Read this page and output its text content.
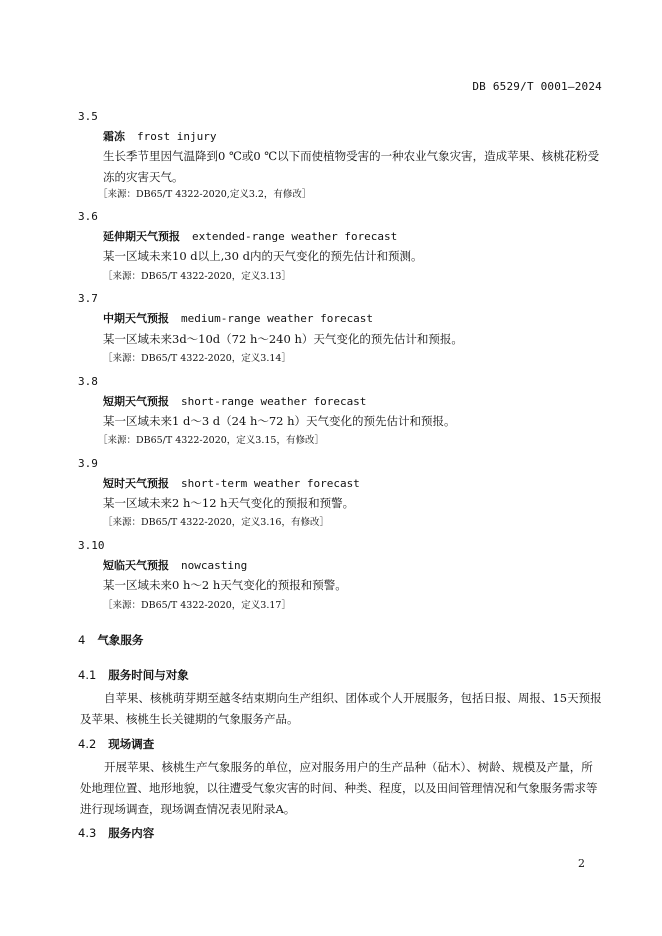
DB 6529/T 0001—2024
3.5
霜冻 frost injury
生长季节里因气温降到0 ℃或0 ℃以下而使植物受害的一种农业气象灾害，造成苹果、核桃花粉受冻的灾害天气。
［来源：DB65/T 4322-2020,定义3.2，有修改］
3.6
延伸期天气预报 extended-range weather forecast
某一区域未来10 d以上,30 d内的天气变化的预先估计和预测。
［来源：DB65/T 4322-2020，定义3.13］
3.7
中期天气预报 medium-range weather forecast
某一区域未来3d～10d（72 h～240 h）天气变化的预先估计和预报。
［来源：DB65/T 4322-2020，定义3.14］
3.8
短期天气预报 short-range weather forecast
某一区域未来1 d～3 d（24 h～72 h）天气变化的预先估计和预报。
［来源：DB65/T 4322-2020，定义3.15，有修改］
3.9
短时天气预报 short-term weather forecast
某一区域未来2 h～12 h天气变化的预报和预警。
［来源：DB65/T 4322-2020，定义3.16，有修改］
3.10
短临天气预报 nowcasting
某一区域未来0 h～2 h天气变化的预报和预警。
［来源：DB65/T 4322-2020，定义3.17］
4 气象服务
4.1 服务时间与对象
自苹果、核桃萌芽期至越冬结束期向生产组织、团体或个人开展服务，包括日报、周报、15天预报及苹果、核桃生长关键期的气象服务产品。
4.2 现场调查
开展苹果、核桃生产气象服务的单位，应对服务用户的生产品种（砧木）、树龄、规模及产量，所处地理位置、地形地貌，以往遭受气象灾害的时间、种类、程度，以及田间管理情况和气象服务需求等进行现场调查，现场调查情况表见附录A。
4.3 服务内容
2
